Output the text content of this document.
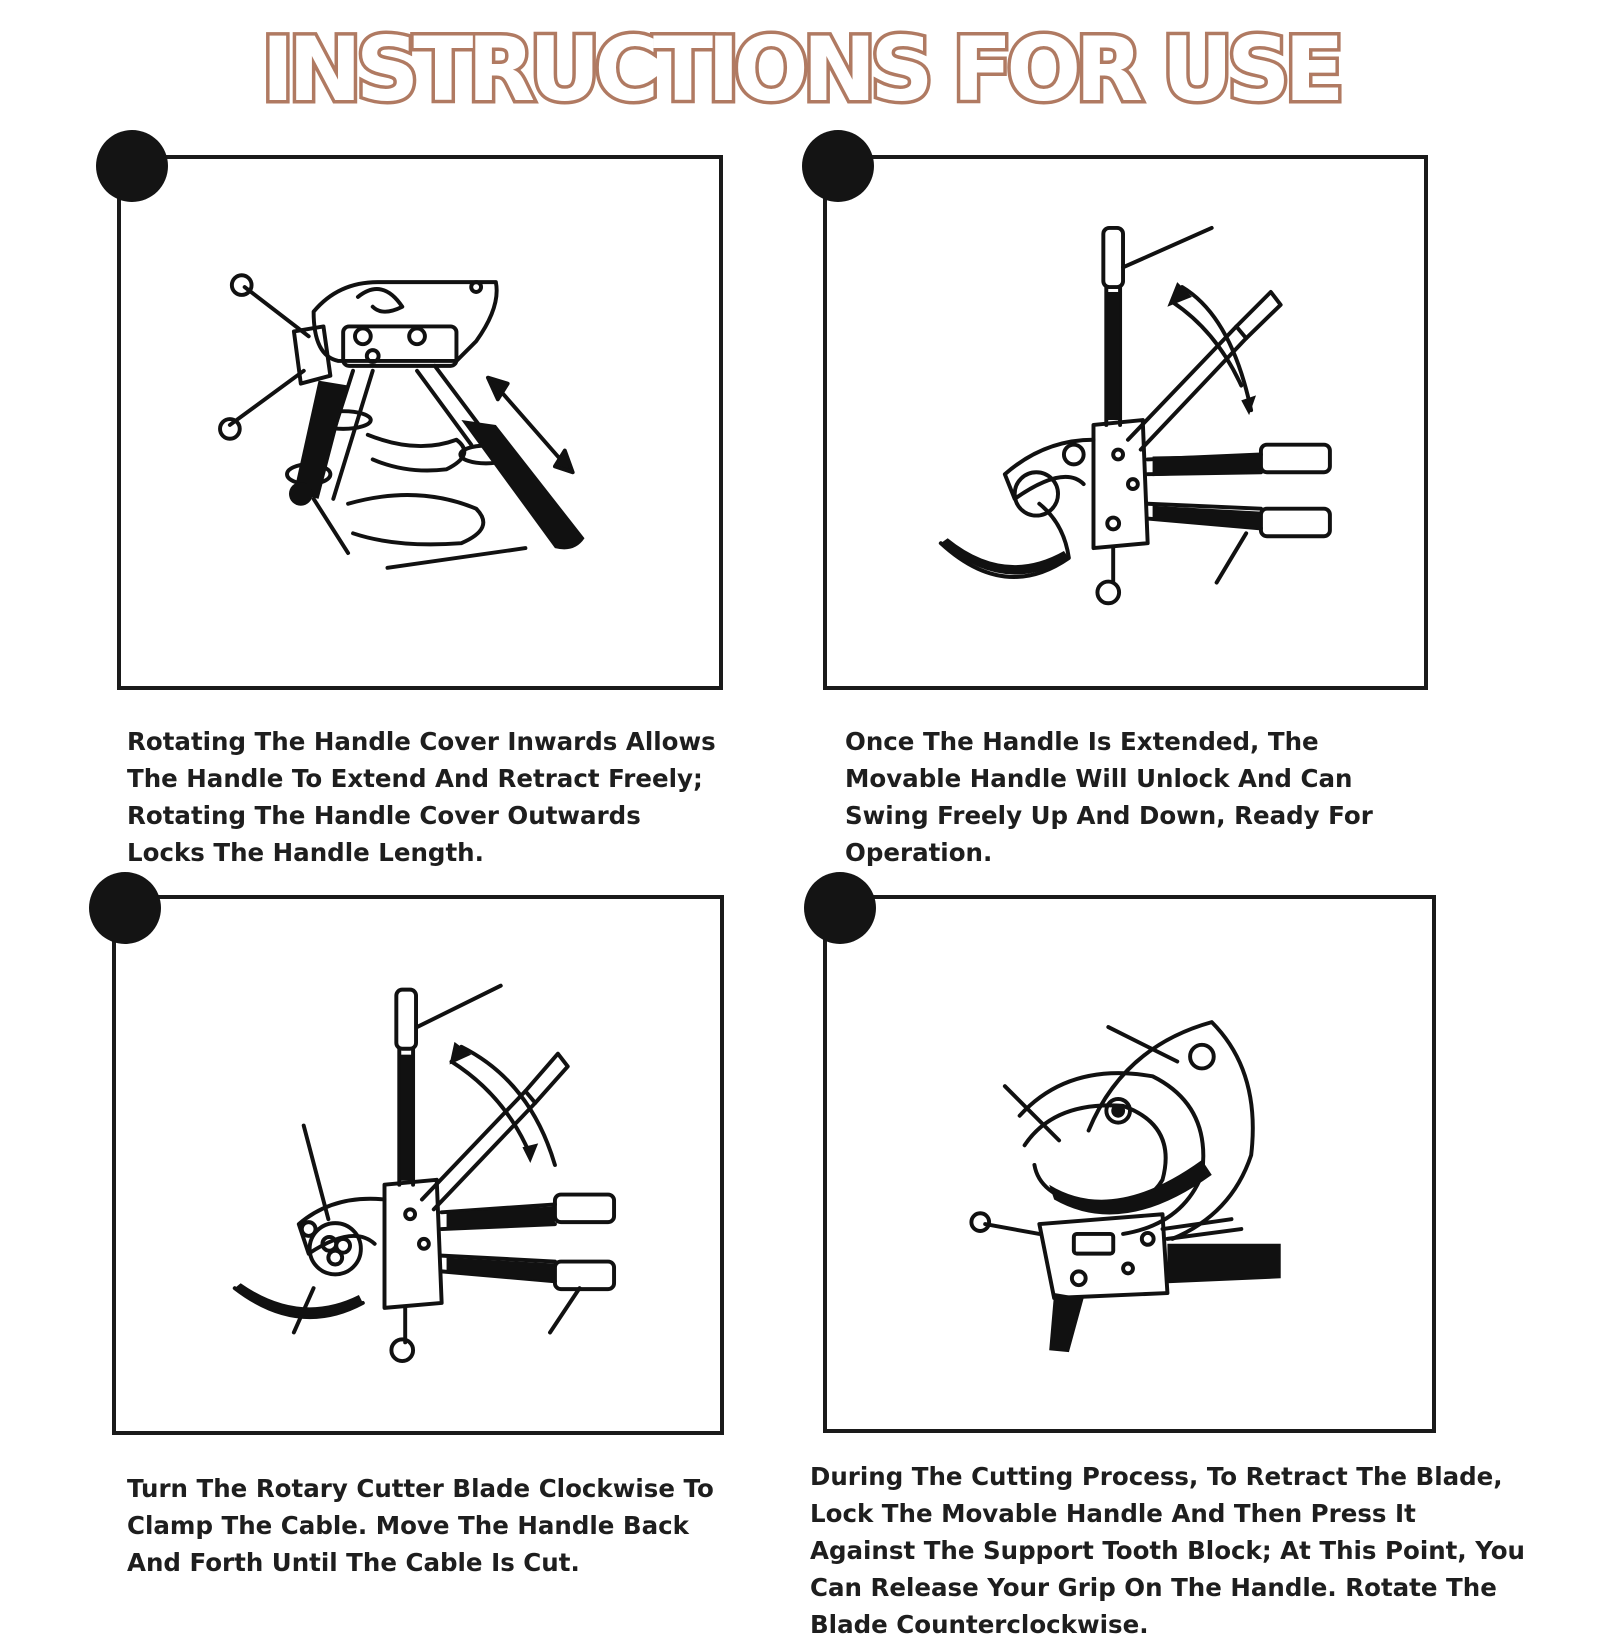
INSTRUCTIONS FOR USE
Rotating The Handle Cover Inwards Allows The Handle To Extend And Retract Freely; Rotating The Handle Cover Outwards Locks The Handle Length.
Once The Handle Is Extended, The Movable Handle Will Unlock And Can Swing Freely Up And Down, Ready For Operation.
Turn The Rotary Cutter Blade Clockwise To Clamp The Cable. Move The Handle Back And Forth Until The Cable Is Cut.
During The Cutting Process, To Retract The Blade, Lock The Movable Handle And Then Press It Against The Support Tooth Block; At This Point, You Can Release Your Grip On The Handle. Rotate The Blade Counterclockwise.
